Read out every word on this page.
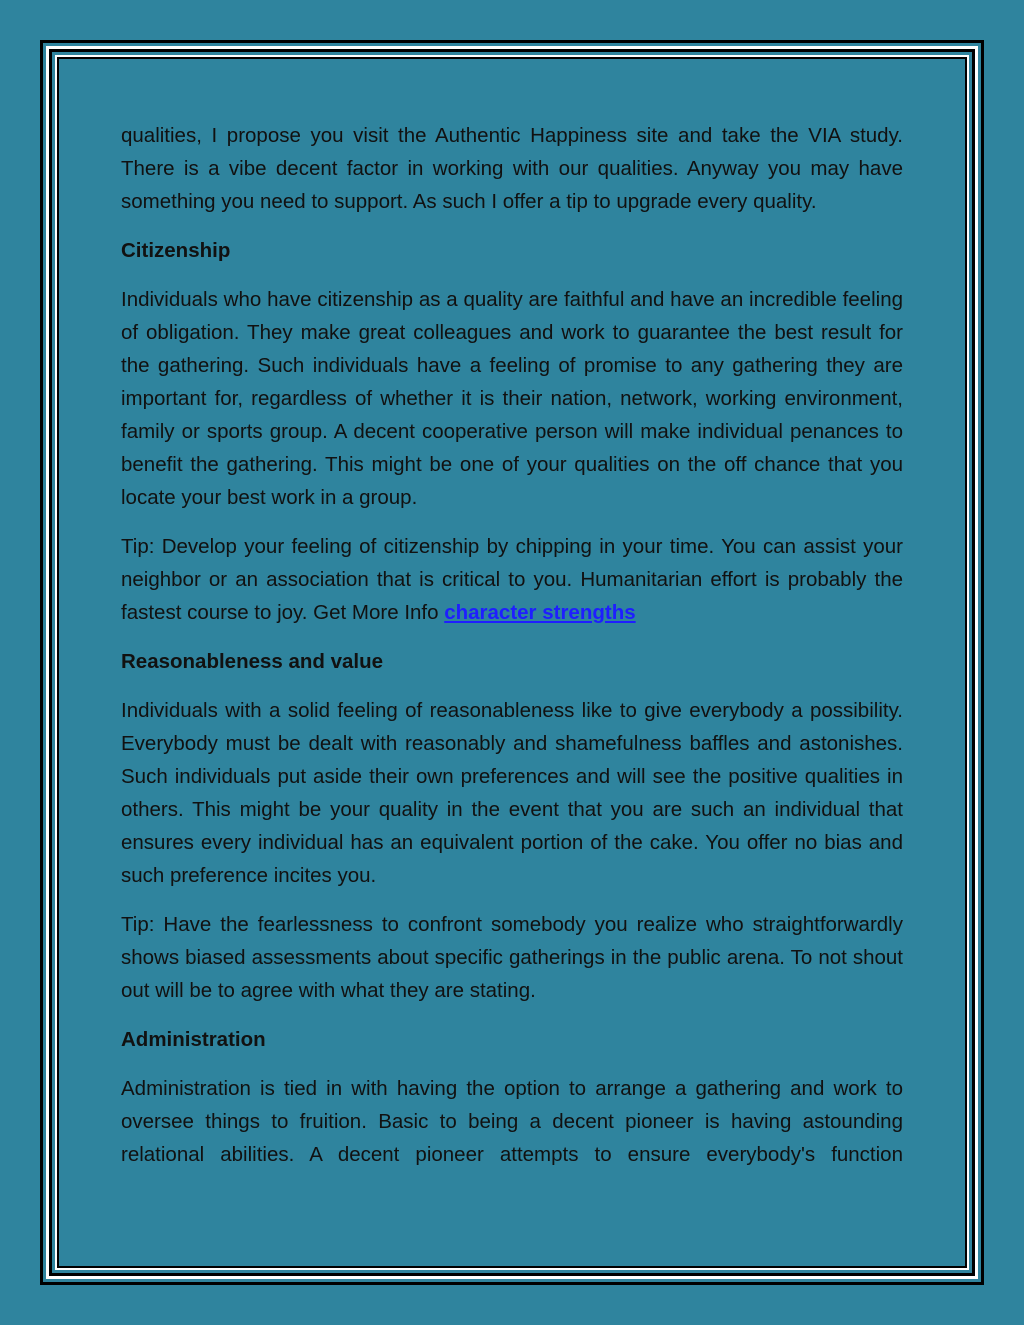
qualities, I propose you visit the Authentic Happiness site and take the VIA study. There is a vibe decent factor in working with our qualities. Anyway you may have something you need to support. As such I offer a tip to upgrade every quality.

Citizenship

Individuals who have citizenship as a quality are faithful and have an incredible feeling of obligation. They make great colleagues and work to guarantee the best result for the gathering. Such individuals have a feeling of promise to any gathering they are important for, regardless of whether it is their nation, network, working environment, family or sports group. A decent cooperative person will make individual penances to benefit the gathering. This might be one of your qualities on the off chance that you locate your best work in a group.

Tip: Develop your feeling of citizenship by chipping in your time. You can assist your neighbor or an association that is critical to you. Humanitarian effort is probably the fastest course to joy. Get More Info character strengths

Reasonableness and value

Individuals with a solid feeling of reasonableness like to give everybody a possibility. Everybody must be dealt with reasonably and shamefulness baffles and astonishes. Such individuals put aside their own preferences and will see the positive qualities in others. This might be your quality in the event that you are such an individual that ensures every individual has an equivalent portion of the cake. You offer no bias and such preference incites you.

Tip: Have the fearlessness to confront somebody you realize who straightforwardly shows biased assessments about specific gatherings in the public arena. To not shout out will be to agree with what they are stating.

Administration

Administration is tied in with having the option to arrange a gathering and work to oversee things to fruition. Basic to being a decent pioneer is having astounding relational abilities. A decent pioneer attempts to ensure everybody's function
